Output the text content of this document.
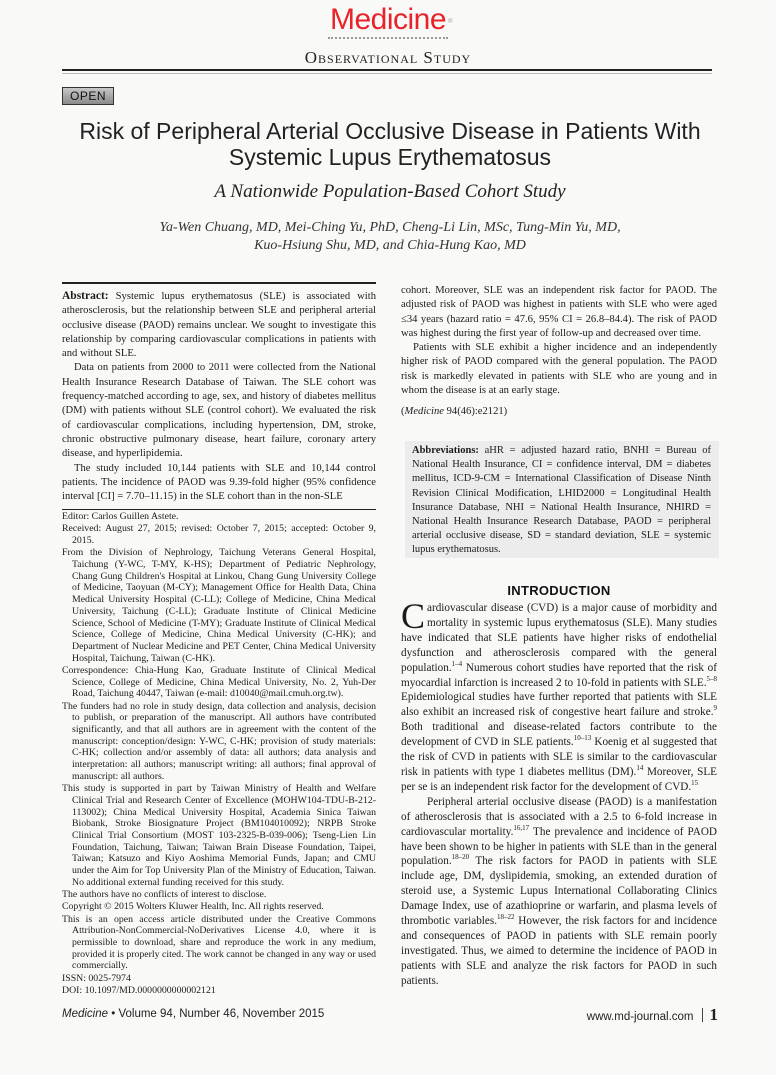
Medicine ®
Observational Study
OPEN
Risk of Peripheral Arterial Occlusive Disease in Patients With Systemic Lupus Erythematosus
A Nationwide Population-Based Cohort Study
Ya-Wen Chuang, MD, Mei-Ching Yu, PhD, Cheng-Li Lin, MSc, Tung-Min Yu, MD,
Kuo-Hsiung Shu, MD, and Chia-Hung Kao, MD

Abstract: Systemic lupus erythematosus (SLE) is associated with atherosclerosis, but the relationship between SLE and peripheral arterial occlusive disease (PAOD) remains unclear. We sought to investigate this relationship by comparing cardiovascular complications in patients with and without SLE.

Data on patients from 2000 to 2011 were collected from the National Health Insurance Research Database of Taiwan. The SLE cohort was frequency-matched according to age, sex, and history of diabetes mellitus (DM) with patients without SLE (control cohort). We evaluated the risk of cardiovascular complications, including hypertension, DM, stroke, chronic obstructive pulmonary disease, heart failure, coronary artery disease, and hyperlipidemia.

The study included 10,144 patients with SLE and 10,144 control patients. The incidence of PAOD was 9.39-fold higher (95% confidence interval [CI] = 7.70–11.15) in the SLE cohort than in the non-SLE

cohort. Moreover, SLE was an independent risk factor for PAOD. The adjusted risk of PAOD was highest in patients with SLE who were aged ≤34 years (hazard ratio = 47.6, 95% CI = 26.8–84.4). The risk of PAOD was highest during the first year of follow-up and decreased over time.

Patients with SLE exhibit a higher incidence and an independently higher risk of PAOD compared with the general population. The PAOD risk is markedly elevated in patients with SLE who are young and in whom the disease is at an early stage.

(Medicine 94(46):e2121)

Abbreviations: aHR = adjusted hazard ratio, BNHI = Bureau of National Health Insurance, CI = confidence interval, DM = diabetes mellitus, ICD-9-CM = International Classification of Disease Ninth Revision Clinical Modification, LHID2000 = Longitudinal Health Insurance Database, NHI = National Health Insurance, NHIRD = National Health Insurance Research Database, PAOD = peripheral arterial occlusive disease, SD = standard deviation, SLE = systemic lupus erythematosus.

Editor: Carlos Guillen Astete.

Received: August 27, 2015; revised: October 7, 2015; accepted: October 9, 2015.

From the Division of Nephrology, Taichung Veterans General Hospital, Taichung (Y-WC, T-MY, K-HS); Department of Pediatric Nephrology, Chang Gung Children's Hospital at Linkou, Chang Gung University College of Medicine, Taoyuan (M-CY); Management Office for Health Data, China Medical University Hospital (C-LL); College of Medicine, China Medical University, Taichung (C-LL); Graduate Institute of Clinical Medicine Science, School of Medicine (T-MY); Graduate Institute of Clinical Medical Science, College of Medicine, China Medical University (C-HK); and Department of Nuclear Medicine and PET Center, China Medical University Hospital, Taichung, Taiwan (C-HK).

Correspondence: Chia-Hung Kao, Graduate Institute of Clinical Medical Science, College of Medicine, China Medical University, No. 2, Yuh-Der Road, Taichung 40447, Taiwan (e-mail: d10040@mail.cmuh.org.tw).

The funders had no role in study design, data collection and analysis, decision to publish, or preparation of the manuscript. All authors have contributed significantly, and that all authors are in agreement with the content of the manuscript: conception/design: Y-WC, C-HK; provision of study materials: C-HK; collection and/or assembly of data: all authors; data analysis and interpretation: all authors; manuscript writing: all authors; final approval of manuscript: all authors.

This study is supported in part by Taiwan Ministry of Health and Welfare Clinical Trial and Research Center of Excellence (MOHW104-TDU-B-212-113002); China Medical University Hospital, Academia Sinica Taiwan Biobank, Stroke Biosignature Project (BM104010092); NRPB Stroke Clinical Trial Consortium (MOST 103-2325-B-039-006); Tseng-Lien Lin Foundation, Taichung, Taiwan; Taiwan Brain Disease Foundation, Taipei, Taiwan; Katsuzo and Kiyo Aoshima Memorial Funds, Japan; and CMU under the Aim for Top University Plan of the Ministry of Education, Taiwan. No additional external funding received for this study.

The authors have no conflicts of interest to disclose.

Copyright © 2015 Wolters Kluwer Health, Inc. All rights reserved.

This is an open access article distributed under the Creative Commons Attribution-NonCommercial-NoDerivatives License 4.0, where it is permissible to download, share and reproduce the work in any medium, provided it is properly cited. The work cannot be changed in any way or used commercially.

ISSN: 0025-7974

DOI: 10.1097/MD.0000000000002121

INTRODUCTION

Cardiovascular disease (CVD) is a major cause of morbidity and mortality in systemic lupus erythematosus (SLE). Many studies have indicated that SLE patients have higher risks of endothelial dysfunction and atherosclerosis compared with the general population.$^{1-4}$ Numerous cohort studies have reported that the risk of myocardial infarction is increased 2 to 10-fold in patients with SLE.$^{5-8}$ Epidemiological studies have further reported that patients with SLE also exhibit an increased risk of congestive heart failure and stroke.$^9$ Both traditional and disease-related factors contribute to the development of CVD in SLE patients.$^{10-13}$ Koenig et al suggested that the risk of CVD in patients with SLE is similar to the cardiovascular risk in patients with type 1 diabetes mellitus (DM).$^{14}$ Moreover, SLE per se is an independent risk factor for the development of CVD.$^{15}$

Peripheral arterial occlusive disease (PAOD) is a manifestation of atherosclerosis that is associated with a 2.5 to 6-fold increase in cardiovascular mortality.$^{16,17}$ The prevalence and incidence of PAOD have been shown to be higher in patients with SLE than in the general population.$^{18-20}$ The risk factors for PAOD in patients with SLE include age, DM, dyslipidemia, smoking, an extended duration of steroid use, a Systemic Lupus International Collaborating Clinics Damage Index, use of azathioprine or warfarin, and plasma levels of thrombotic variables.$^{18-22}$ However, the risk factors for and incidence and consequences of PAOD in patients with SLE remain poorly investigated. Thus, we aimed to determine the incidence of PAOD in patients with SLE and analyze the risk factors for PAOD in such patients.

Medicine • Volume 94, Number 46, November 2015	www.md-journal.com 1
